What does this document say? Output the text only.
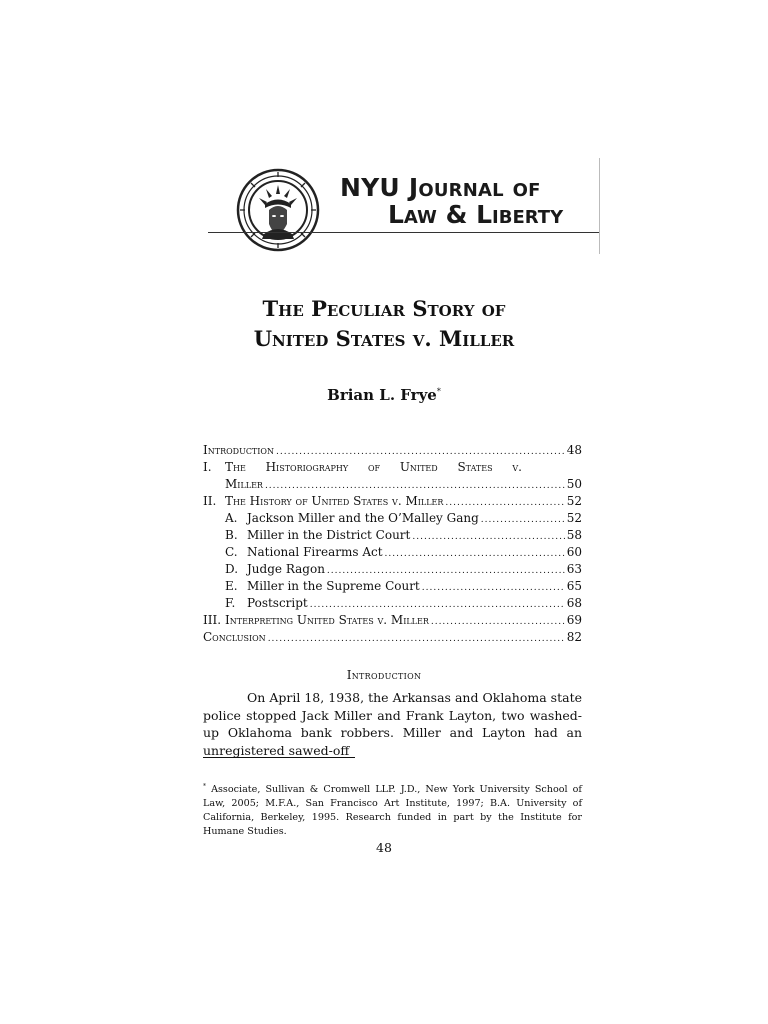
NYU Journal of
Law & Liberty
The Peculiar Story of
United States v. Miller
Brian L. Frye*
Introduction .....	48
I.	The Historiography of United States v.
Miller .....	50
II. The History of United States v. Miller .....	52
A. Jackson Miller and the O’Malley Gang .....	52
B. Miller in the District Court .....	58
C. National Firearms Act .....	60
D. Judge Ragon .....	63
E. Miller in the Supreme Court .....	65
F. Postscript .....	68
III. Interpreting United States v. Miller .....	69
Conclusion .....	82
Introduction

On April 18, 1938, the Arkansas and Oklahoma state police stopped Jack Miller and Frank Layton, two washed-up Oklahoma bank robbers. Miller and Layton had an unregistered sawed-off

* Associate, Sullivan & Cromwell LLP. J.D., New York University School of Law, 2005; M.F.A., San Francisco Art Institute, 1997; B.A. University of California, Berkeley, 1995. Research funded in part by the Institute for Humane Studies.
48
